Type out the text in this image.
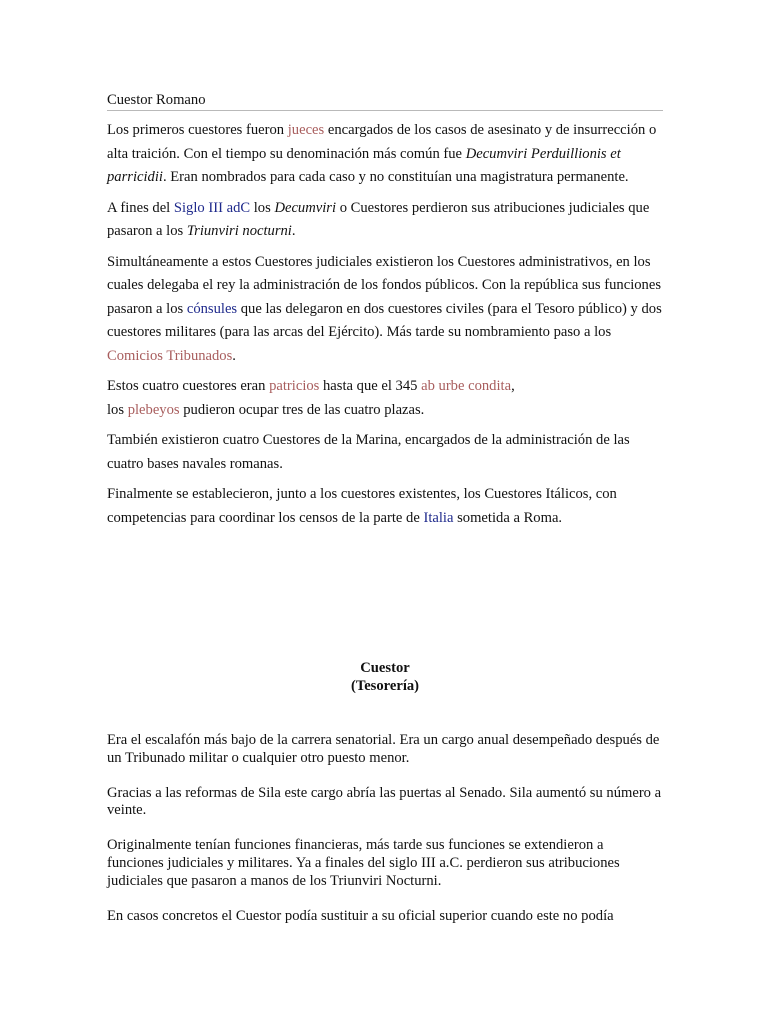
Cuestor Romano

Los primeros cuestores fueron jueces encargados de los casos de asesinato y de insurrección o alta traición. Con el tiempo su denominación más común fue Decumviri Perduillionis et parricidii. Eran nombrados para cada caso y no constituían una magistratura permanente.

A fines del Siglo III adC los Decumviri o Cuestores perdieron sus atribuciones judiciales que pasaron a los Triunviri nocturni.

Simultáneamente a estos Cuestores judiciales existieron los Cuestores administrativos, en los cuales delegaba el rey la administración de los fondos públicos. Con la república sus funciones pasaron a los cónsules que las delegaron en dos cuestores civiles (para el Tesoro público) y dos cuestores militares (para las arcas del Ejército). Más tarde su nombramiento paso a los Comicios Tribunados.

Estos cuatro cuestores eran patricios hasta que el 345 ab urbe condita,
los plebeyos pudieron ocupar tres de las cuatro plazas.

También existieron cuatro Cuestores de la Marina, encargados de la administración de las cuatro bases navales romanas.

Finalmente se establecieron, junto a los cuestores existentes, los Cuestores Itálicos, con competencias para coordinar los censos de la parte de Italia sometida a Roma.

Cuestor
(Tesorería)

Era el escalafón más bajo de la carrera senatorial. Era un cargo anual desempeñado después de un Tribunado militar o cualquier otro puesto menor.

Gracias a las reformas de Sila este cargo abría las puertas al Senado. Sila aumentó su número a veinte.

Originalmente tenían funciones financieras, más tarde sus funciones se extendieron a funciones judiciales y militares. Ya a finales del siglo III a.C. perdieron sus atribuciones judiciales que pasaron a manos de los Triunviri Nocturni.

En casos concretos el Cuestor podía sustituir a su oficial superior cuando este no podía
